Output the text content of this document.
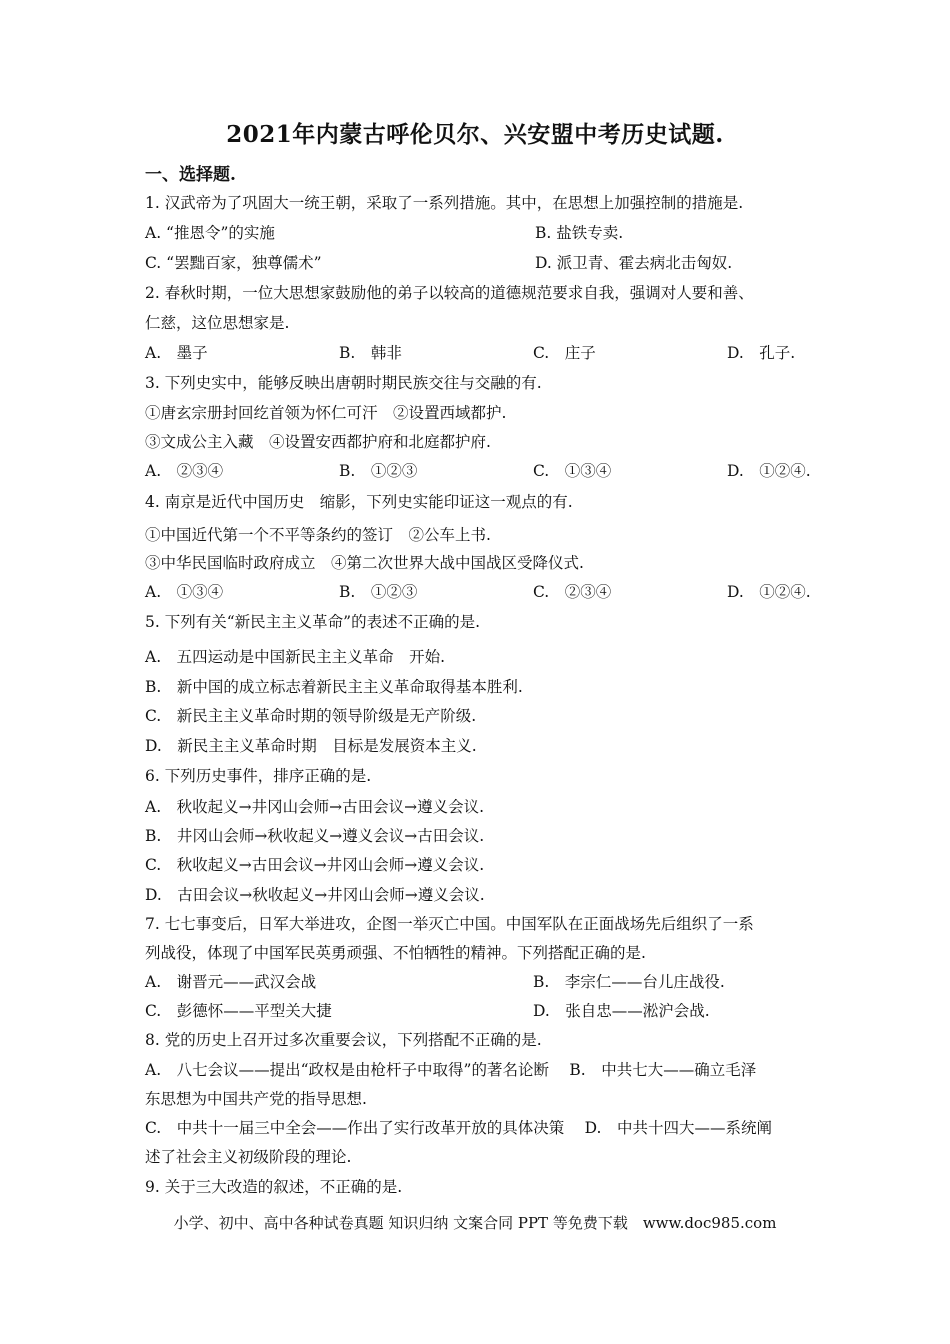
2021年内蒙古呼伦贝尔、兴安盟中考历史试题.
一、选择题.
1. 汉武帝为了巩固大一统王朝，采取了一系列措施。其中，在思想上加强控制的措施是.
A. “推恩令”的实施	B. 盐铁专卖.
C. “罢黜百家，独尊儒术”	D. 派卫青、霍去病北击匈奴.
2. 春秋时期，一位大思想家鼓励他的弟子以较高的道德规范要求自我，强调对人要和善、
仁慈，这位思想家是.
A.　墨子	B.　韩非	C.　庄子	D.　孔子.
3. 下列史实中，能够反映出唐朝时期民族交往与交融的有.
①唐玄宗册封回纥首领为怀仁可汗　②设置西域都护.
③文成公主入藏　④设置安西都护府和北庭都护府.
A.　②③④	B.　①②③	C.　①③④	D.　①②④.
4. 南京是近代中国历史　缩影，下列史实能印证这一观点的有.
①中国近代第一个不平等条约的签订　②公车上书.
③中华民国临时政府成立　④第二次世界大战中国战区受降仪式.
A.　①③④	B.　①②③	C.　②③④	D.　①②④.
5. 下列有关“新民主主义革命”的表述不正确的是.
A.　五四运动是中国新民主主义革命　开始.
B.　新中国的成立标志着新民主主义革命取得基本胜利.
C.　新民主主义革命时期的领导阶级是无产阶级.
D.　新民主主义革命时期　目标是发展资本主义.
6. 下列历史事件，排序正确的是.
A.　秋收起义→井冈山会师→古田会议→遵义会议.
B.　井冈山会师→秋收起义→遵义会议→古田会议.
C.　秋收起义→古田会议→井冈山会师→遵义会议.
D.　古田会议→秋收起义→井冈山会师→遵义会议.
7. 七七事变后，日军大举进攻，企图一举灭亡中国。中国军队在正面战场先后组织了一系
列战役，体现了中国军民英勇顽强、不怕牺牲的精神。下列搭配正确的是.
A.　谢晋元——武汉会战	B.　李宗仁——台儿庄战役.
C.　彭德怀——平型关大捷	D.　张自忠——淞沪会战.
8. 党的历史上召开过多次重要会议，下列搭配不正确的是.
A.　八七会议——提出“政权是由枪杆子中取得”的著名论断　 B.　中共七大——确立毛泽
东思想为中国共产党的指导思想.
C.　中共十一届三中全会——作出了实行改革开放的具体决策　 D.　中共十四大——系统阐
述了社会主义初级阶段的理论.
9. 关于三大改造的叙述，不正确的是.
小学、初中、高中各种试卷真题 知识归纳 文案合同 PPT 等免费下载　www.doc985.com
